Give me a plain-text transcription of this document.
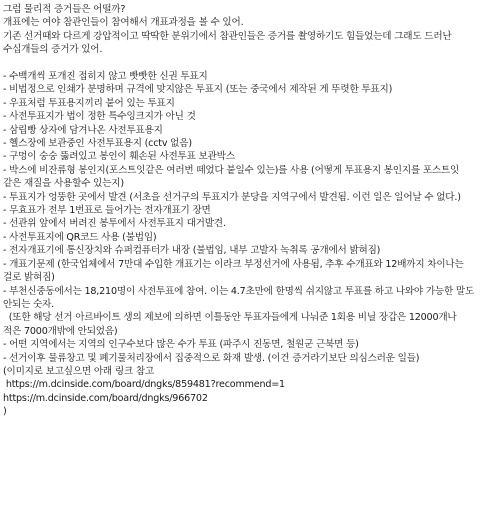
그럼 물리적 증거들은 어떨까?

개표에는 여야 참관인들이 참여해서 개표과정을 볼 수 있어.

기존 선거때와 다르게 강압적이고 딱딱한 분위기에서 참관인들은 증거를 촬영하기도 힘들었는데 그래도 드러난 수십개들의 증거가 있어.

- 수백개씩 포개진 접히지 않고 빳빳한 신권 투표지

- 비법정으로 인쇄가 분명하며 규격에 맞지않은 투표지 (또는 중국에서 제작된 게 뚜렷한 투표지)

- 우표처럼 투표용지끼리 붙어 있는 투표지

- 사전투표지가 법이 정한 특수잉크지가 아닌 것

- 삼립빵 상자에 담겨나온 사전투표용지

- 헬스장에 보관중인 사전투표용지 (cctv 없음)

- 구멍이 숭숭 뚫려있고 봉인이 훼손된 사전투표 보관박스

- 박스에 비잔류형 봉인지(포스트잇같은 여러번 떼었다 붙일수 있는)를 사용 (어떻게 투표용지 봉인지를 포스트잇 같은 재질을 사용할수 있는지)

- 투표지가 엉뚱한 곳에서 발견 (서초을 선거구의 투표지가 분당을 지역구에서 발견됨. 이런 일은 일어날 수 없다.)

- 무효표가 전부 1번표로 들어가는 전자개표기 장면

- 선관위 앞에서 버려진 봉투에서 사전투표지 대거발견.

- 사전투표지에 QR코드 사용 (불법임)

- 전자개표기에 통신장치와 슈퍼컴퓨터가 내장 (불법임, 내부 고발자 녹취록 공개에서 밝혀짐)

- 개표기문제 (한국업체에서 7만대 수입한 개표기는 이라크 부정선거에 사용됨, 추후 수개표와 12배까지 차이나는 걸로 밝혀짐)

- 부천신중동에서는 18,210명이 사전투표에 참여. 이는 4.7초만에 한명씩 쉬지않고 투표를 하고 나와야 가능한 말도 안되는 숫자.

(또한 해당 선거 아르바이트 생의 제보에 의하면 이틀동안 투표자들에게 나눠준 1회용 비닐 장갑은 12000개나 적은 7000개밖에 안되었음)

- 어떤 지역에서는 지역의 인구수보다 많은 수가 투표 (파주시 진동면, 철원군 근북면 등)

- 선거이후 물류창고 및 폐기물처리장에서 집중적으로 화재 발생. (이건 증거라기보단 의심스러운 일들)

(이미지로 보고싶으면 아래 링크 참고

https://m.dcinside.com/board/dngks/859481?recommend=1

https://m.dcinside.com/board/dngks/966702

)
